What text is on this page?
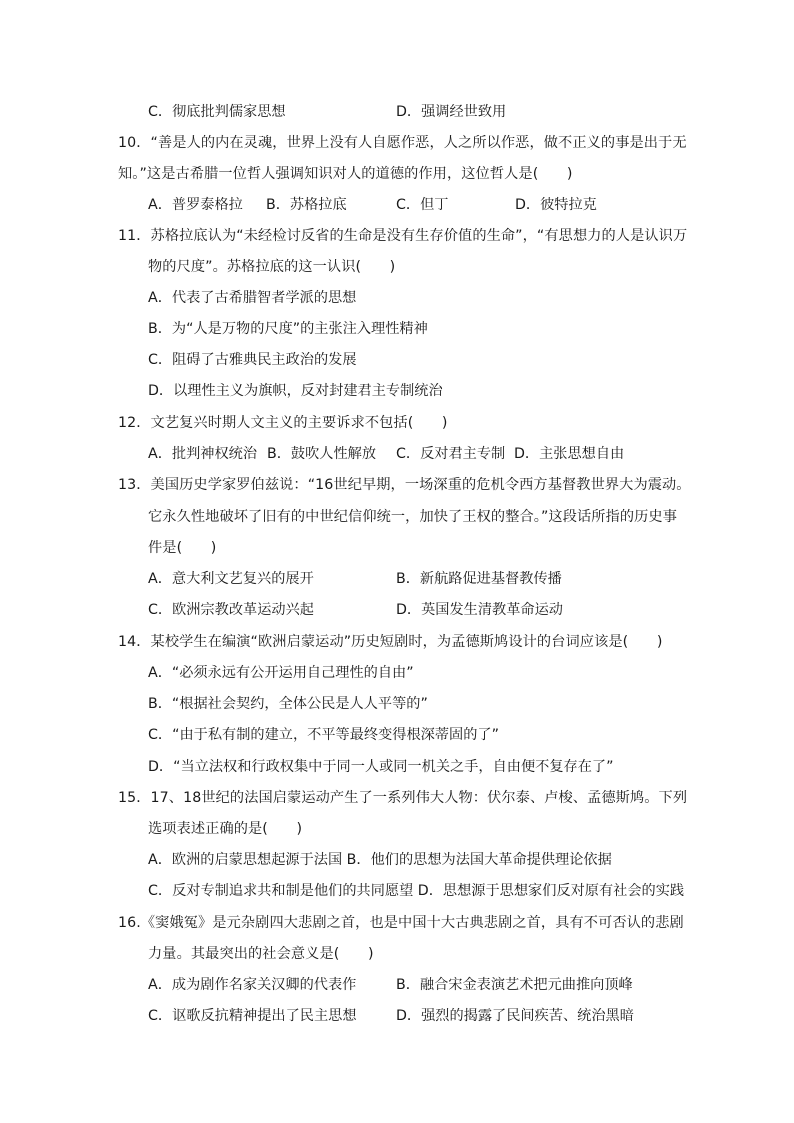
C．彻底批判儒家思想	D．强调经世致用
10．“善是人的内在灵魂，世界上没有人自愿作恶，人之所以作恶，做不正义的事是出于无
知。”这是古希腊一位哲人强调知识对人的道德的作用，这位哲人是(　　)
A．普罗泰格拉 B．苏格拉底	C．但丁	D．彼特拉克
11．苏格拉底认为“未经检讨反省的生命是没有生存价值的生命”，“有思想力的人是认识万
物的尺度”。苏格拉底的这一认识(　　)
A．代表了古希腊智者学派的思想
B．为“人是万物的尺度”的主张注入理性精神
C．阻碍了古雅典民主政治的发展
D．以理性主义为旗帜，反对封建君主专制统治
12．文艺复兴时期人文主义的主要诉求不包括(　　)
A．批判神权统治 B．鼓吹人性解放 C．反对君主专制 D．主张思想自由
13．美国历史学家罗伯兹说：“16世纪早期，一场深重的危机令西方基督教世界大为震动。
它永久性地破坏了旧有的中世纪信仰统一，加快了王权的整合。”这段话所指的历史事
件是(　　)
A．意大利文艺复兴的展开	B．新航路促进基督教传播
C．欧洲宗教改革运动兴起	D．英国发生清教革命运动
14．某校学生在编演“欧洲启蒙运动”历史短剧时，为孟德斯鸠设计的台词应该是(　　)
A．“必须永远有公开运用自己理性的自由”
B．“根据社会契约，全体公民是人人平等的”
C．“由于私有制的建立，不平等最终变得根深蒂固的了”
D．“当立法权和行政权集中于同一人或同一机关之手，自由便不复存在了”
15．17、18世纪的法国启蒙运动产生了一系列伟大人物：伏尔泰、卢梭、孟德斯鸠。下列
选项表述正确的是(　　)
A．欧洲的启蒙思想起源于法国 B．他们的思想为法国大革命提供理论依据
C．反对专制追求共和制是他们的共同愿望 D．思想源于思想家们反对原有社会的实践
16.《窦娥冤》是元杂剧四大悲剧之首，也是中国十大古典悲剧之首，具有不可否认的悲剧
力量。其最突出的社会意义是(　　)
A．成为剧作名家关汉卿的代表作	B．融合宋金表演艺术把元曲推向顶峰
C．讴歌反抗精神提出了民主思想	D．强烈的揭露了民间疾苦、统治黑暗
